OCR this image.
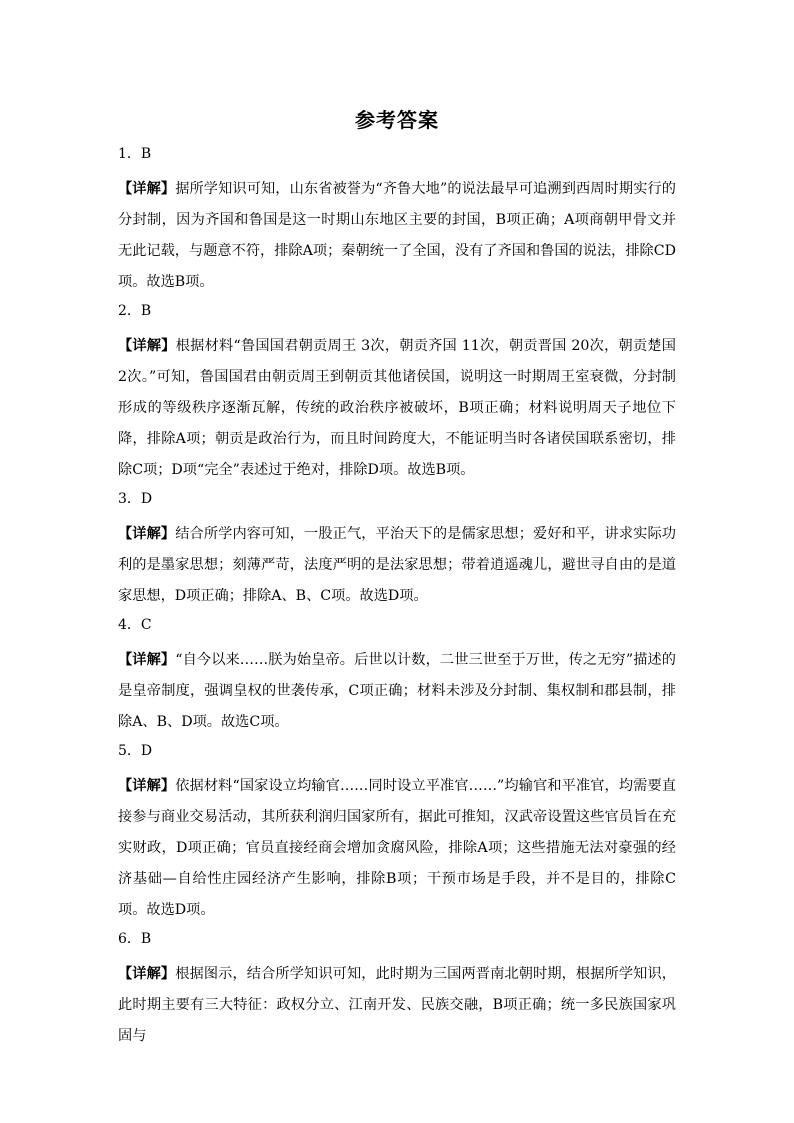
参考答案
1．B

【详解】据所学知识可知，山东省被誉为“齐鲁大地”的说法最早可追溯到西周时期实行的分封制，因为齐国和鲁国是这一时期山东地区主要的封国，B项正确；A项商朝甲骨文并无此记载，与题意不符，排除A项；秦朝统一了全国，没有了齐国和鲁国的说法，排除CD项。故选B项。

2．B

【详解】根据材料“鲁国国君朝贡周王 3次，朝贡齐国 11次，朝贡晋国 20次，朝贡楚国 2次。”可知，鲁国国君由朝贡周王到朝贡其他诸侯国，说明这一时期周王室衰微，分封制形成的等级秩序逐渐瓦解，传统的政治秩序被破坏，B项正确；材料说明周天子地位下降，排除A项；朝贡是政治行为，而且时间跨度大，不能证明当时各诸侯国联系密切，排除C项；D项“完全”表述过于绝对，排除D项。故选B项。

3．D

【详解】结合所学内容可知，一股正气，平治天下的是儒家思想；爱好和平，讲求实际功利的是墨家思想；刻薄严苛，法度严明的是法家思想；带着逍遥魂儿，避世寻自由的是道家思想，D项正确；排除A、B、C项。故选D项。

4．C

【详解】“自今以来……朕为始皇帝。后世以计数，二世三世至于万世，传之无穷”描述的是皇帝制度，强调皇权的世袭传承，C项正确；材料未涉及分封制、集权制和郡县制，排除A、B、D项。故选C项。

5．D

【详解】依据材料“国家设立均输官……同时设立平准官……”均输官和平准官，均需要直接参与商业交易活动，其所获利润归国家所有，据此可推知，汉武帝设置这些官员旨在充实财政，D项正确；官员直接经商会增加贪腐风险，排除A项；这些措施无法对豪强的经济基础—自给性庄园经济产生影响，排除B项；干预市场是手段，并不是目的，排除C项。故选D项。

6．B

【详解】根据图示，结合所学知识可知，此时期为三国两晋南北朝时期，根据所学知识，此时期主要有三大特征：政权分立、江南开发、民族交融，B项正确；统一多民族国家巩固与
